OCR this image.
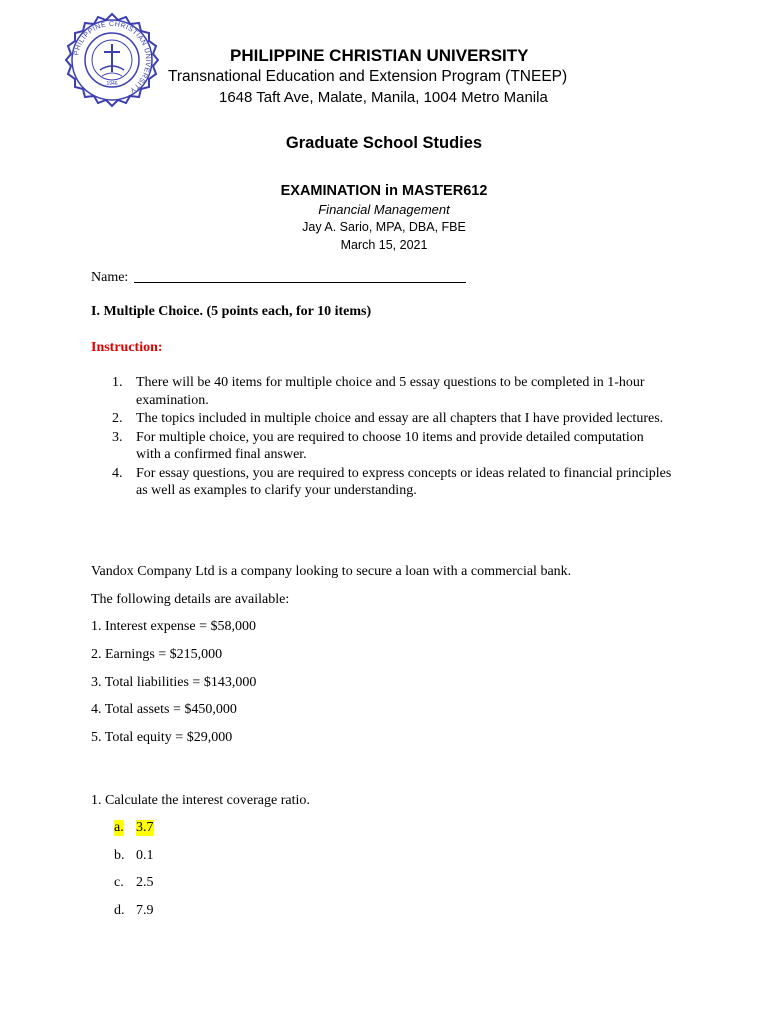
PHILIPPINE CHRISTIAN UNIVERSITY
1946
PHILIPPINE CHRISTIAN UNIVERSITY
Transnational Education and Extension Program (TNEEP)
1648 Taft Ave, Malate, Manila, 1004 Metro Manila
Graduate School Studies
EXAMINATION in MASTER612
Financial Management
Jay A. Sario, MPA, DBA, FBE
March 15, 2021
Name:
I. Multiple Choice. (5 points each, for 10 items)
Instruction:
1. There will be 40 items for multiple choice and 5 essay questions to be completed in 1-hour examination.
2. The topics included in multiple choice and essay are all chapters that I have provided lectures.
3. For multiple choice, you are required to choose 10 items and provide detailed computation with a confirmed final answer.
4. For essay questions, you are required to express concepts or ideas related to financial principles as well as examples to clarify your understanding.
Vandox Company Ltd is a company looking to secure a loan with a commercial bank.
The following details are available:
1. Interest expense = $58,000
2. Earnings = $215,000
3. Total liabilities = $143,000
4. Total assets = $450,000
5. Total equity = $29,000
1. Calculate the interest coverage ratio.
a. 3.7
b. 0.1
c. 2.5
d. 7.9
